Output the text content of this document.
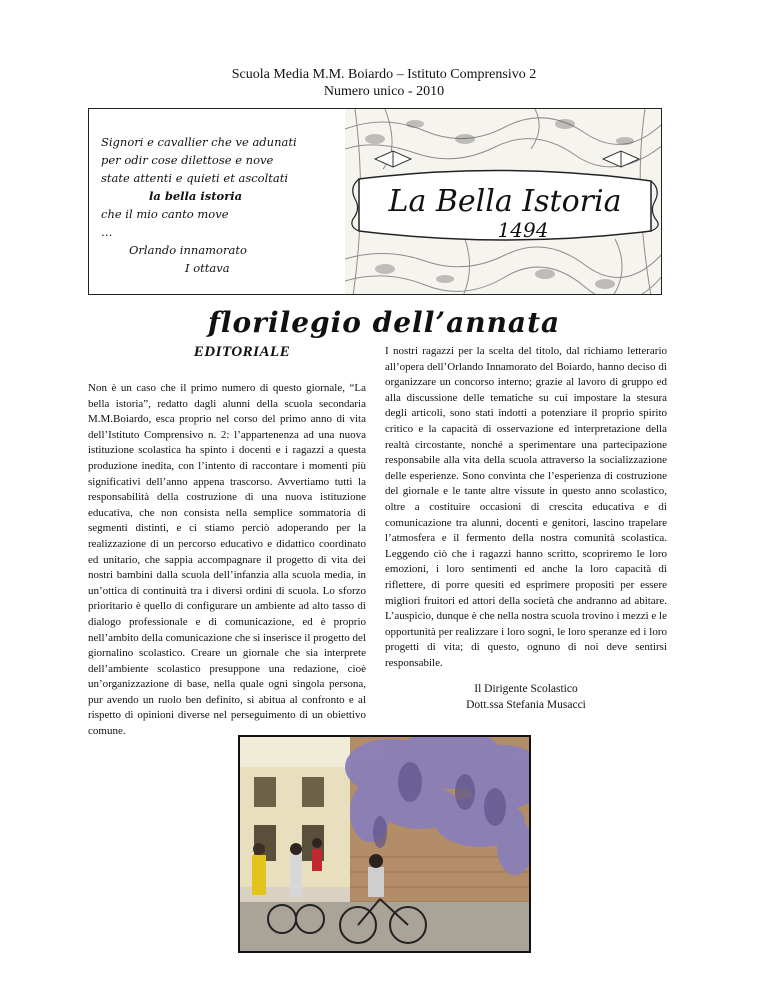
Scuola Media M.M. Boiardo – Istituto Comprensivo 2
Numero unico - 2010
Signori e cavallier che ve adunati
per odir cose dilettose e nove
state attenti e quieti et ascoltati
la bella istoria
che il mio canto move
…
Orlando innamorato
I ottava
La Bella Istoria
1494
florilegio dell’annata
EDITORIALE

Non è un caso che il primo numero di questo giornale, “La bella istoria”, redatto dagli alunni della scuola secondaria M.M.Boiardo, esca proprio nel corso del primo anno di vita dell’Istituto Comprensivo n. 2: l’appartenenza ad una nuova istituzione scolastica ha spinto i docenti e i ragazzi a questa produzione inedita, con l’intento di raccontare i momenti più significativi dell’anno appena trascorso. Avvertiamo tutti la responsabilità della costruzione di una nuova istituzione educativa, che non consista nella semplice sommatoria di segmenti distinti, e ci stiamo perciò adoperando per la realizzazione di un percorso educativo e didattico coordinato ed unitario, che sappia accompagnare il progetto di vita dei nostri bambini dalla scuola dell’infanzia alla scuola media, in un’ottica di continuità tra i diversi ordini di scuola. Lo sforzo prioritario è quello di configurare un ambiente ad alto tasso di dialogo professionale e di comunicazione, ed è proprio nell’ambito della comunicazione che si inserisce il progetto del giornalino scolastico. Creare un giornale che sia interprete dell’ambiente scolastico presuppone una redazione, cioè un’organizzazione di base, nella quale ogni singola persona, pur avendo un ruolo ben definito, si abitua al confronto e al rispetto di opinioni diverse nel perseguimento di un obiettivo comune.

I nostri ragazzi per la scelta del titolo, dal richiamo letterario all’opera dell’Orlando Innamorato del Boiardo, hanno deciso di organizzare un concorso interno; grazie al lavoro di gruppo ed alla discussione delle tematiche su cui impostare la stesura degli articoli, sono stati indotti a potenziare il proprio spirito critico e la capacità di osservazione ed interpretazione della realtà circostante, nonché a sperimentare una partecipazione responsabile alla vita della scuola attraverso la socializzazione delle esperienze. Sono convinta che l’esperienza di costruzione del giornale e le tante altre vissute in questo anno scolastico, oltre a costituire occasioni di crescita educativa e di comunicazione tra alunni, docenti e genitori, lascino trapelare l’atmosfera e il fermento della nostra comunità scolastica. Leggendo ciò che i ragazzi hanno scritto, scopriremo le loro emozioni, i loro sentimenti ed anche la loro capacità di riflettere, di porre quesiti ed esprimere propositi per essere migliori fruitori ed attori della società che andranno ad abitare. L’auspicio, dunque è che nella nostra scuola trovino i mezzi e le opportunità per realizzare i loro sogni, le loro speranze ed i loro progetti di vita; di questo, ognuno di noi deve sentirsi responsabile.

Il Dirigente Scolastico
Dott.ssa Stefania Musacci
